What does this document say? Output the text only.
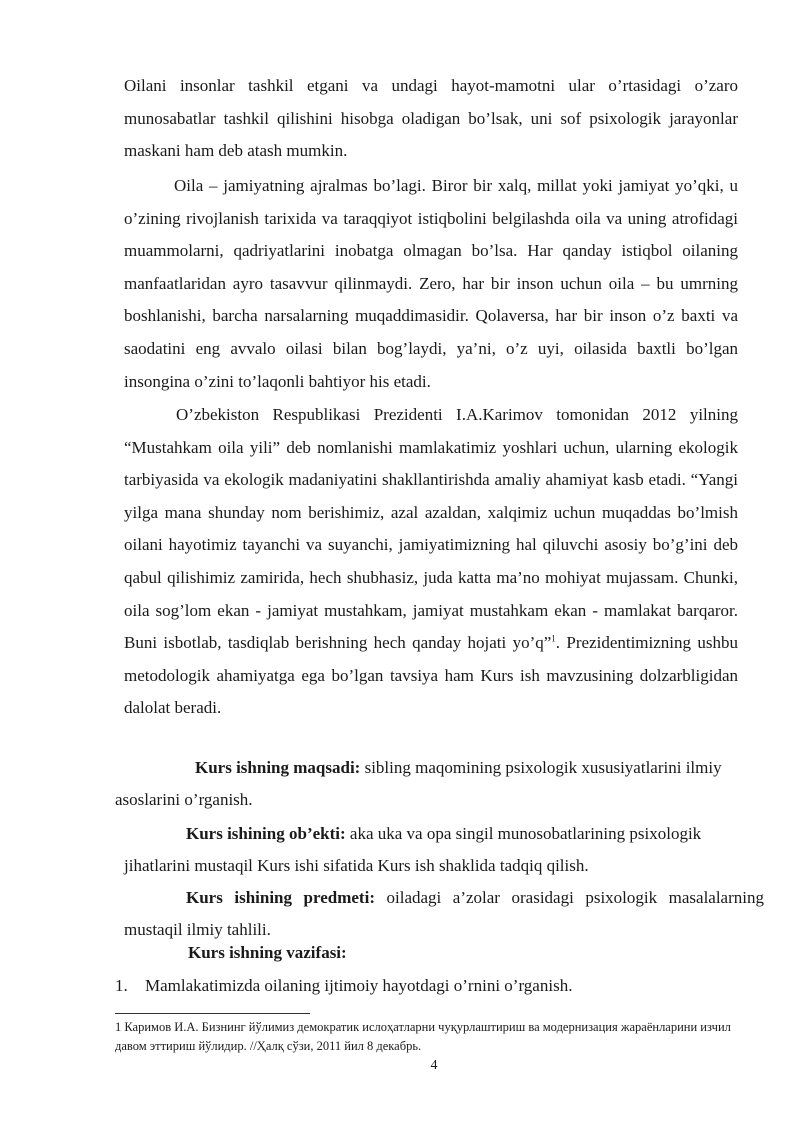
Oilani insonlar tashkil etgani va undagi hayot-mamotni ular o’rtasidagi o’zaro munosabatlar tashkil qilishini hisobga oladigan bo’lsak, uni sof psixologik jarayonlar maskani ham deb atash mumkin.

Oila – jamiyatning ajralmas bo’lagi. Biror bir xalq, millat yoki jamiyat yo’qki, u o’zining rivojlanish tarixida va taraqqiyot istiqbolini belgilashda oila va uning atrofidagi muammolarni, qadriyatlarini inobatga olmagan bo’lsa. Har qanday istiqbol oilaning manfaatlaridan ayro tasavvur qilinmaydi. Zero, har bir inson uchun oila – bu umrning boshlanishi, barcha narsalarning muqaddimasidir. Qolaversa, har bir inson o’z baxti va saodatini eng avvalo oilasi bilan bog’laydi, ya’ni, o’z uyi, oilasida baxtli bo’lgan insongina o’zini to’laqonli bahtiyor his etadi.

O’zbekiston Respublikasi Prezidenti I.A.Karimov tomonidan 2012 yilning “Mustahkam oila yili” deb nomlanishi mamlakatimiz yoshlari uchun, ularning ekologik tarbiyasida va ekologik madaniyatini shakllantirishda amaliy ahamiyat kasb etadi. “Yangi yilga mana shunday nom berishimiz, azal azaldan, xalqimiz uchun muqaddas bo’lmish oilani hayotimiz tayanchi va suyanchi, jamiyatimizning hal qiluvchi asosiy bo’g’ini deb qabul qilishimiz zamirida, hech shubhasiz, juda katta ma’no mohiyat mujassam. Chunki, oila sog’lom ekan - jamiyat mustahkam, jamiyat mustahkam ekan - mamlakat barqaror. Buni isbotlab, tasdiqlab berishning hech qanday hojati yo’q”$^1$. Prezidentimizning ushbu metodologik ahamiyatga ega bo’lgan tavsiya ham Kurs ish mavzusining dolzarbligidan dalolat beradi.

Kurs ishning maqsadi: sibling maqomining psixologik xususiyatlarini ilmiy asoslarini o’rganish.

Kurs ishining ob’ekti: aka uka va opa singil munosobatlarining psixologik jihatlarini mustaqil Kurs ishi sifatida Kurs ish shaklida tadqiq qilish.

Kurs ishining predmeti: oiladagi a’zolar orasidagi psixologik masalalarning mustaqil ilmiy tahlili.

Kurs ishning vazifasi:

1. Mamlakatimizda oilaning ijtimoiy hayotdagi o’rnini o’rganish.

1 Каримов И.А. Бизнинг йўлимиз демократик ислоҳатларни чуқурлаштириш ва модернизация жараёнларини изчил давом эттириш йўлидир. //Ҳалқ сўзи, 2011 йил 8 декабрь.

4
